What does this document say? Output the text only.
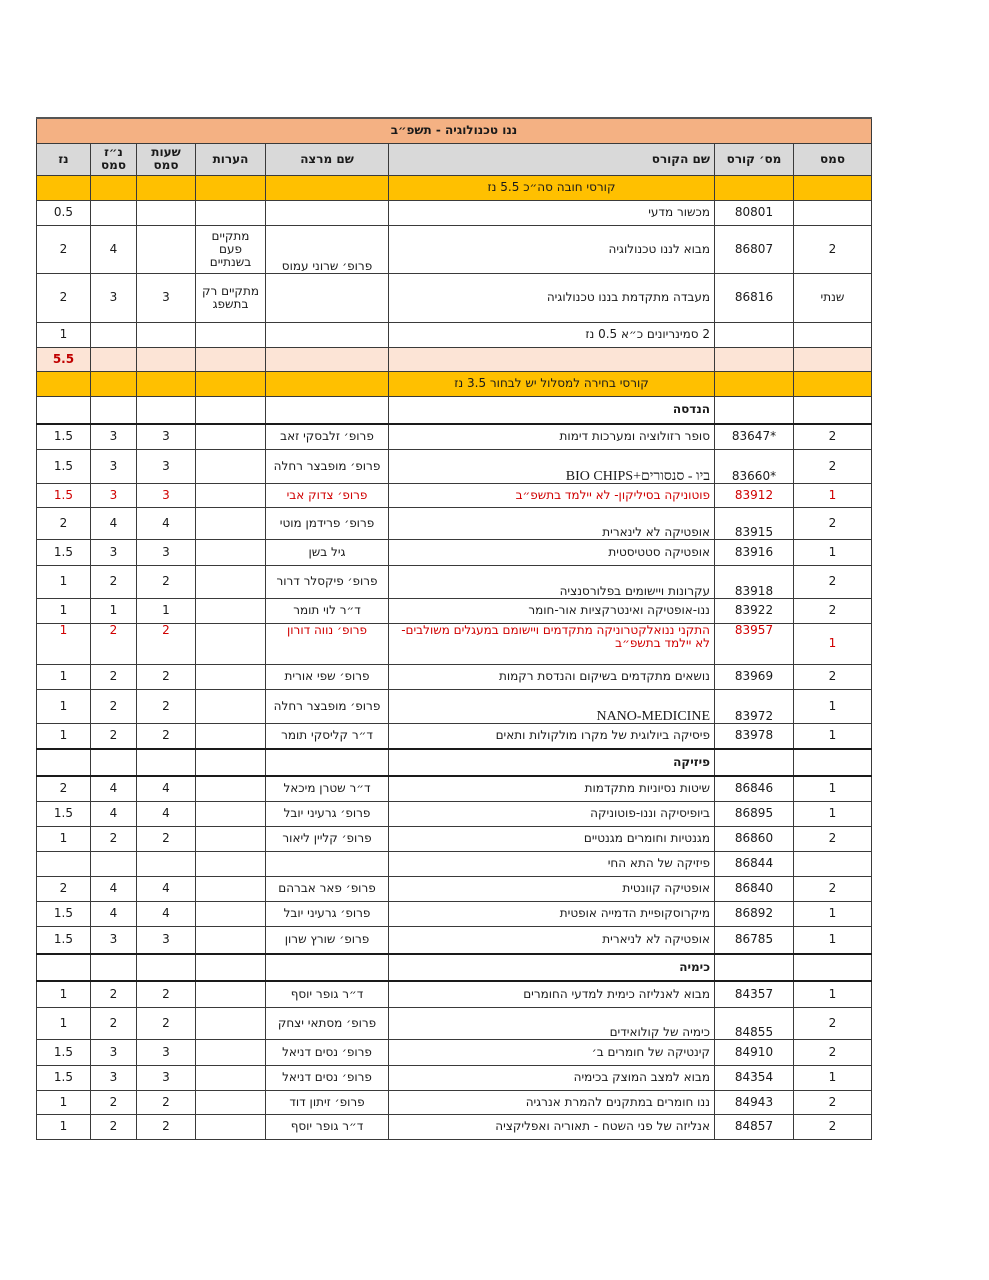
ננו טכנולוגיה - תשפ״ב							
סמס	מס׳ קורס	שם הקורס	שם מרצה	הערות	שעות סמס	נ״ז סמס	נז
		קורסי חובה סה״כ 5.5 נז					
	80801	מכשור מדעי					0.5
2	86807	מבוא לננו טכנולוגיה	פרופ׳ שרוני עמוס	מתקיים פעם בשנתיים		4	2
שנתי	86816	מעבדה מתקדמת בננו טכנולוגיה		מתקיים רק בתשפג	3	3	2
		2 סמינריונים כ״א 0.5 נז					1
							5.5
		קורסי בחירה למסלול יש לבחור 3.5 נז					
		הנדסה					
2	*83647	סופר רזולוציה ומערכות דימות	פרופ׳ זלבסקי זאב		3	3	1.5
2	*83660	ביו - סנסורים+BIO CHIPS	פרופ׳ מופבצר רחלה		3	3	1.5
1	83912	פוטוניקה בסיליקון- לא יילמד בתשפ״ב	פרופ׳ צדוק אבי		3	3	1.5
2	83915	אופטיקה לא לינארית	פרופ׳ פרידמן מוטי		4	4	2
1	83916	אופטיקה סטטיסטית	גיל בשן		3	3	1.5
2	83918	עקרונות ויישומים בפלורסנציה	פרופ׳ פיקסלר דרור		2	2	1
2	83922	ננו-אופטיקה ואינטרקציות אור-חומר	ד״ר לוי תומר		1	1	1
1	83957	התקני ננואלקטרוניקה מתקדמים ויישומם במעגלים משולבים- לא יילמד בתשפ״ב	פרופ׳ נווה דורון		2	2	1
2	83969	נושאים מתקדמים בשיקום והנדסת רקמות	פרופ׳ שפי אורית		2	2	1
1	83972	NANO-MEDICINE	פרופ׳ מופבצר רחלה		2	2	1
1	83978	פיסיקה ביולוגית של מקרו מולקולות ותאים	ד״ר קליסקי תומר		2	2	1
		פיזיקה					
1	86846	שיטות נסיוניות מתקדמות	ד״ר שטרן מיכאל		4	4	2
1	86895	ביופיסיקה וננו-פוטוניקה	פרופ׳ גרעיני יובל		4	4	1.5
2	86860	מגנטיות וחומרים מגנטיים	פרופ׳ קליין ליאור		2	2	1
	86844	פיזיקה של התא החי					
2	86840	אופטיקה קוונטית	פרופ׳ פאר אברהם		4	4	2
1	86892	מיקרוסקופיית הדמייה אופטית	פרופ׳ גרעיני יובל		4	4	1.5
1	86785	אופטיקה לא לניארית	פרופ׳ שורץ שרון		3	3	1.5
		כימיה					
1	84357	מבוא לאנליזה כימית למדעי החומרים	ד״ר גופר יוסף		2	2	1
2	84855	כימיה של קולואידים	פרופ׳ מסתאי יצחק		2	2	1
2	84910	קינטיקה של חומרים ב׳	פרופ׳ נסים דניאל		3	3	1.5
1	84354	מבוא למצב המוצק בכימיה	פרופ׳ נסים דניאל		3	3	1.5
2	84943	ננו חומרים במתקנים להמרת אנרגיה	פרופ׳ זיתון דוד		2	2	1
2	84857	אנליזה של פני השטח - תאוריה ואפליקציה	ד״ר גופר יוסף		2	2	1
